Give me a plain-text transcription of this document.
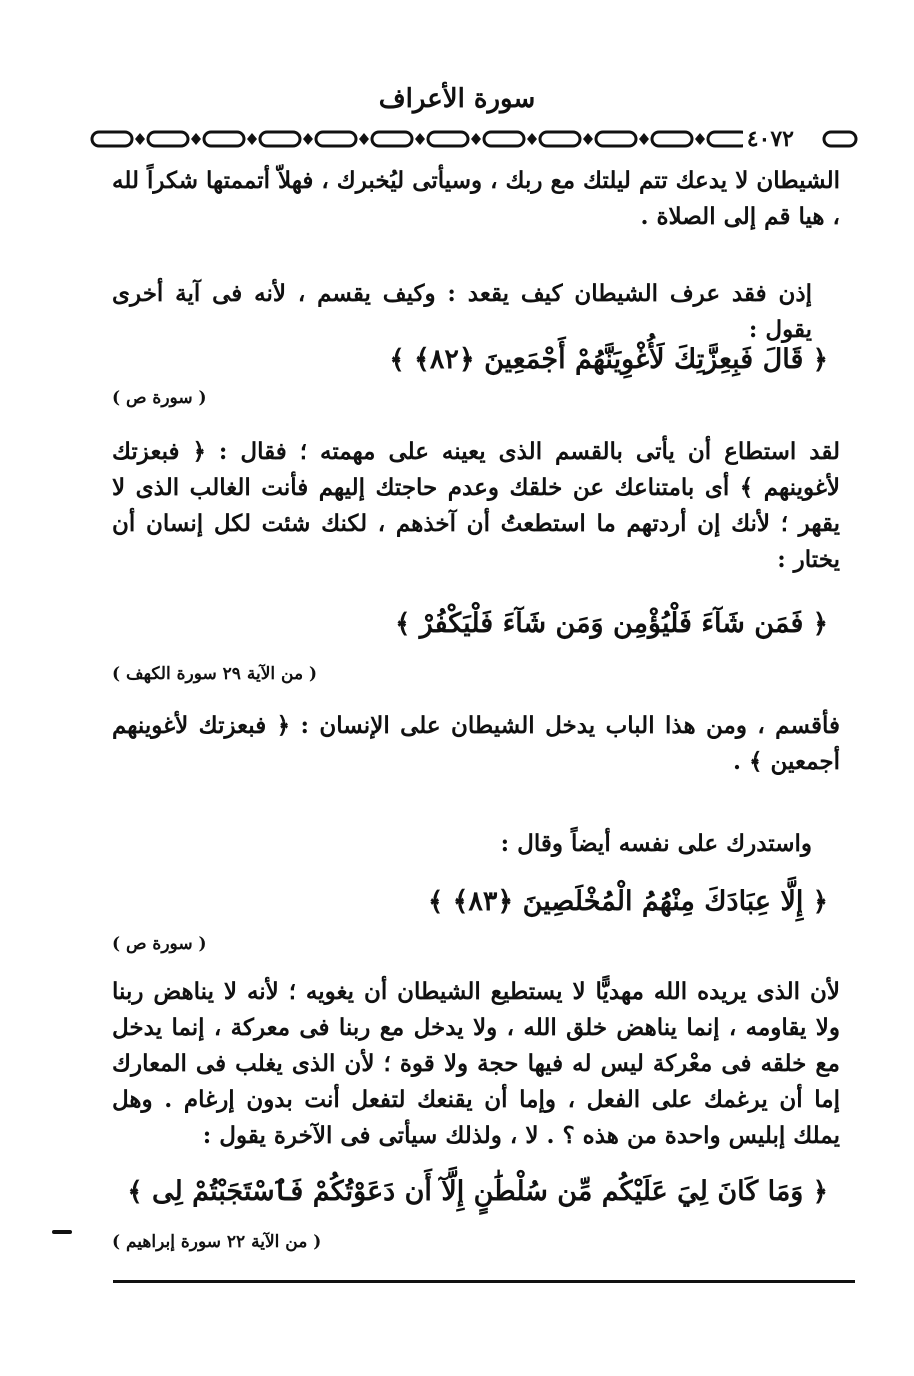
سورة الأعراف
٤٠٧٢
الشيطان لا يدعك تتم ليلتك مع ربك ، وسيأتى ليُخبرك ، فهلاّ أتممتها شكراً لله ، هيا قم إلى الصلاة .
إذن فقد عرف الشيطان كيف يقعد : وكيف يقسم ، لأنه فى آية أخرى يقول :
﴿ قَالَ فَبِعِزَّتِكَ لَأُغْوِيَنَّهُمْ أَجْمَعِينَ ﴿٨٢﴾ ﴾
( سورة ص )
لقد استطاع أن يأتى بالقسم الذى يعينه على مهمته ؛ فقال : ﴿ فبعزتك لأغوينهم ﴾ أى بامتناعك عن خلقك وعدم حاجتك إليهم فأنت الغالب الذى لا يقهر ؛ لأنك إن أردتهم ما استطعتُ أن آخذهم ، لكنك شئت لكل إنسان أن يختار :
﴿ فَمَن شَآءَ فَلْيُؤْمِن وَمَن شَآءَ فَلْيَكْفُرْ ﴾
( من الآية ٢٩ سورة الكهف )
فأقسم ، ومن هذا الباب يدخل الشيطان على الإنسان : ﴿ فبعزتك لأغوينهم أجمعين ﴾ .
واستدرك على نفسه أيضاً وقال :
﴿ إِلَّا عِبَادَكَ مِنْهُمُ الْمُخْلَصِينَ ﴿٨٣﴾ ﴾
( سورة ص )
لأن الذى يريده الله مهديًّا لا يستطيع الشيطان أن يغويه ؛ لأنه لا يناهض ربنا ولا يقاومه ، إنما يناهض خلق الله ، ولا يدخل مع ربنا فى معركة ، إنما يدخل مع خلقه فى معْركة ليس له فيها حجة ولا قوة ؛ لأن الذى يغلب فى المعارك إما أن يرغمك على الفعل ، وإما أن يقنعك لتفعل أنت بدون إرغام . وهل يملك إبليس واحدة من هذه ؟ . لا ، ولذلك سيأتى فى الآخرة يقول :
﴿ وَمَا كَانَ لِيَ عَلَيْكُم مِّن سُلْطَٰنٍ إِلَّآ أَن دَعَوْتُكُمْ فَٱسْتَجَبْتُمْ لِى ﴾
( من الآية ٢٢ سورة إبراهيم )
